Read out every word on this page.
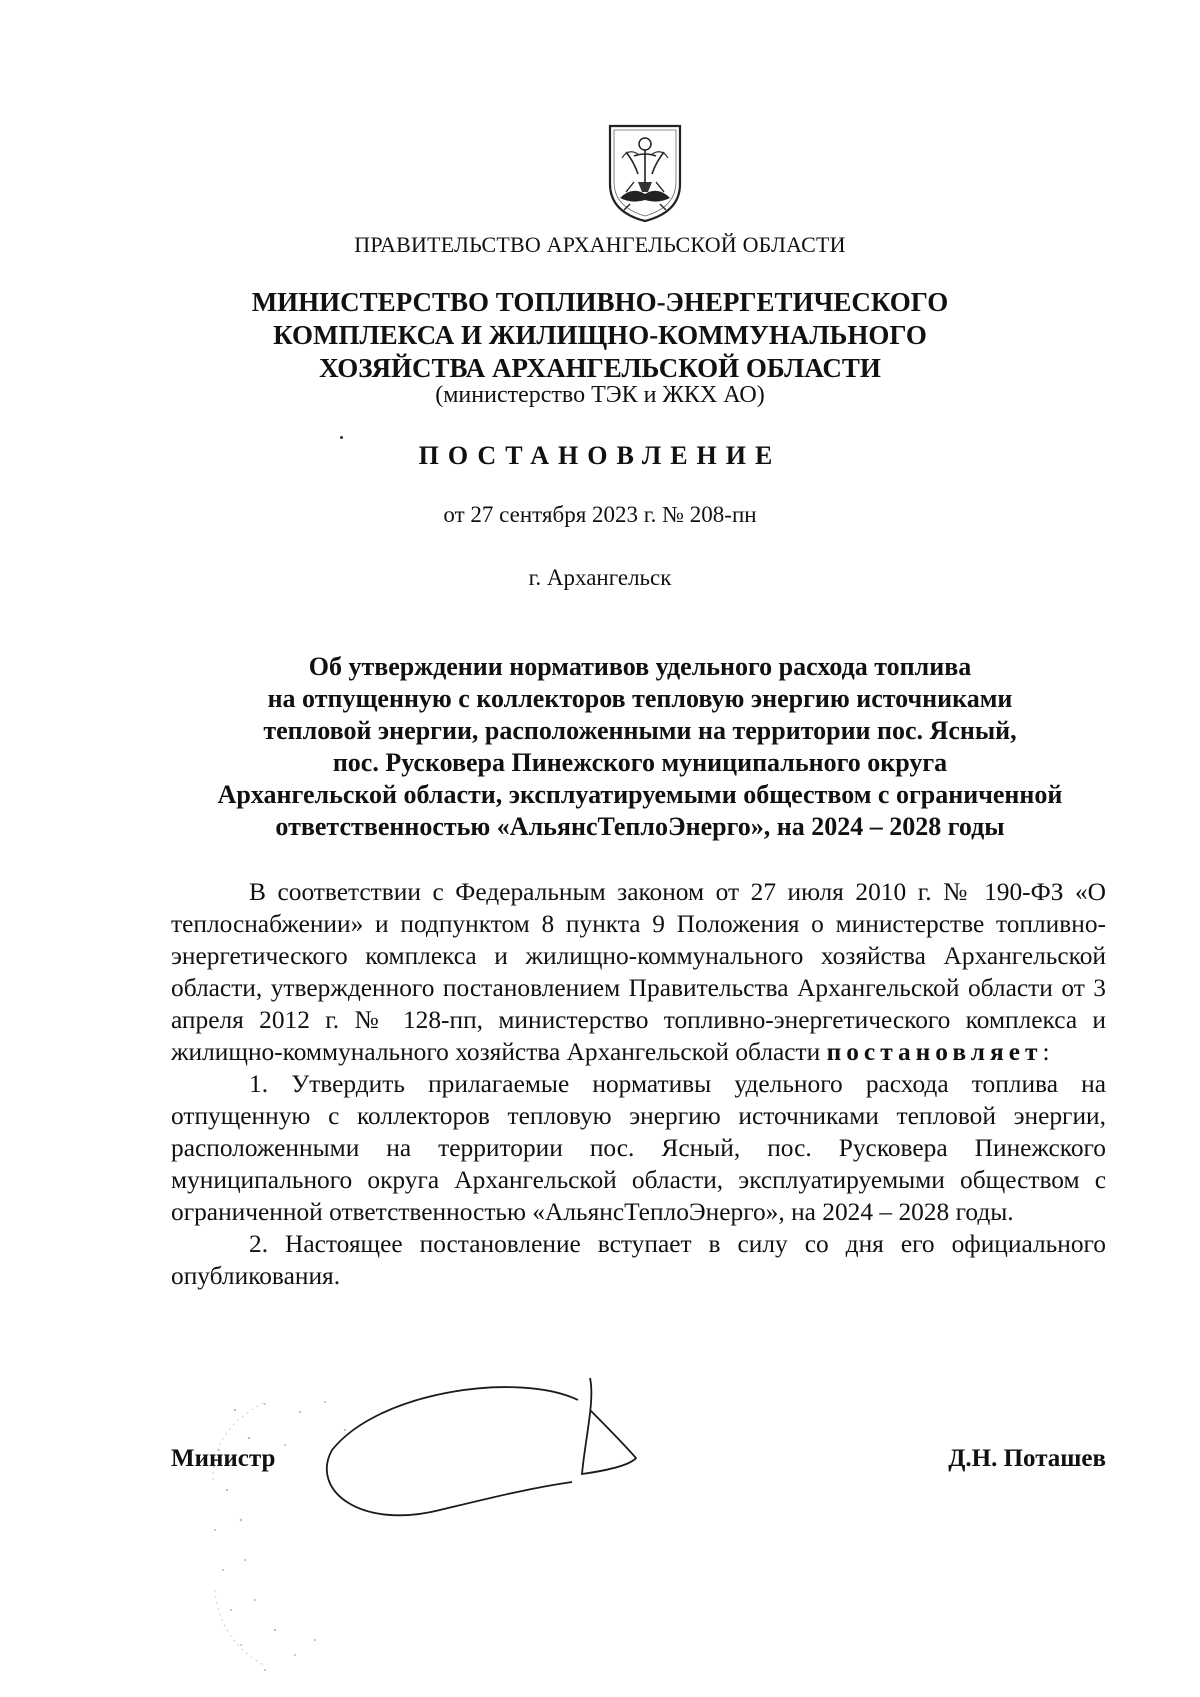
ПРАВИТЕЛЬСТВО АРХАНГЕЛЬСКОЙ ОБЛАСТИ
МИНИСТЕРСТВО ТОПЛИВНО-ЭНЕРГЕТИЧЕСКОГО
КОМПЛЕКСА И ЖИЛИЩНО-КОММУНАЛЬНОГО
ХОЗЯЙСТВА АРХАНГЕЛЬСКОЙ ОБЛАСТИ
(министерство ТЭК и ЖКХ АО)
ПОСТАНОВЛЕНИЕ
от 27 сентября 2023 г. № 208-пн
г. Архангельск
Об утверждении нормативов удельного расхода топлива
на отпущенную с коллекторов тепловую энергию источниками
тепловой энергии, расположенными на территории пос. Ясный,
пос. Русковера Пинежского муниципального округа
Архангельской области, эксплуатируемыми обществом с ограниченной
ответственностью «АльянсТеплоЭнерго», на 2024 – 2028 годы

В соответствии с Федеральным законом от 27 июля 2010 г. № 190-ФЗ «О теплоснабжении» и подпунктом 8 пункта 9 Положения о министерстве топливно-энергетического комплекса и жилищно-коммунального хозяйства Архангельской области, утвержденного постановлением Правительства Архангельской области от 3 апреля 2012 г. № 128-пп, министерство топливно-энергетического комплекса и жилищно-коммунального хозяйства Архангельской области постановляет:

1. Утвердить прилагаемые нормативы удельного расхода топлива на отпущенную с коллекторов тепловую энергию источниками тепловой энергии, расположенными на территории пос. Ясный, пос. Русковера Пинежского муниципального округа Архангельской области, эксплуатируемыми обществом с ограниченной ответственностью «АльянсТеплоЭнерго», на 2024 – 2028 годы.

2. Настоящее постановление вступает в силу со дня его официального опубликования.

Министр	Д.Н. Поташев
